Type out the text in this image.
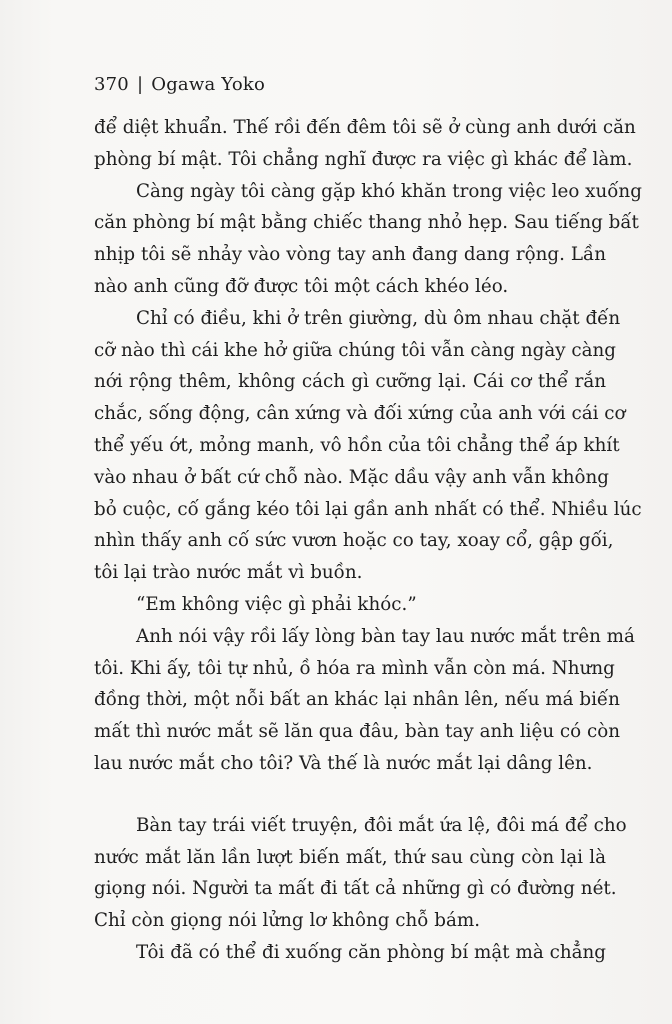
370 | Ogawa Yoko
để diệt khuẩn. Thế rồi đến đêm tôi sẽ ở cùng anh dưới căn
phòng bí mật. Tôi chẳng nghĩ được ra việc gì khác để làm.
Càng ngày tôi càng gặp khó khăn trong việc leo xuống
căn phòng bí mật bằng chiếc thang nhỏ hẹp. Sau tiếng bất
nhịp tôi sẽ nhảy vào vòng tay anh đang dang rộng. Lần
nào anh cũng đỡ được tôi một cách khéo léo.
Chỉ có điều, khi ở trên giường, dù ôm nhau chặt đến
cỡ nào thì cái khe hở giữa chúng tôi vẫn càng ngày càng
nới rộng thêm, không cách gì cưỡng lại. Cái cơ thể rắn
chắc, sống động, cân xứng và đối xứng của anh với cái cơ
thể yếu ớt, mỏng manh, vô hồn của tôi chẳng thể áp khít
vào nhau ở bất cứ chỗ nào. Mặc dầu vậy anh vẫn không
bỏ cuộc, cố gắng kéo tôi lại gần anh nhất có thể. Nhiều lúc
nhìn thấy anh cố sức vươn hoặc co tay, xoay cổ, gập gối,
tôi lại trào nước mắt vì buồn.
“Em không việc gì phải khóc.”
Anh nói vậy rồi lấy lòng bàn tay lau nước mắt trên má
tôi. Khi ấy, tôi tự nhủ, ồ hóa ra mình vẫn còn má. Nhưng
đồng thời, một nỗi bất an khác lại nhân lên, nếu má biến
mất thì nước mắt sẽ lăn qua đâu, bàn tay anh liệu có còn
lau nước mắt cho tôi? Và thế là nước mắt lại dâng lên.
Bàn tay trái viết truyện, đôi mắt ứa lệ, đôi má để cho
nước mắt lăn lần lượt biến mất, thứ sau cùng còn lại là
giọng nói. Người ta mất đi tất cả những gì có đường nét.
Chỉ còn giọng nói lửng lơ không chỗ bám.
Tôi đã có thể đi xuống căn phòng bí mật mà chẳng
